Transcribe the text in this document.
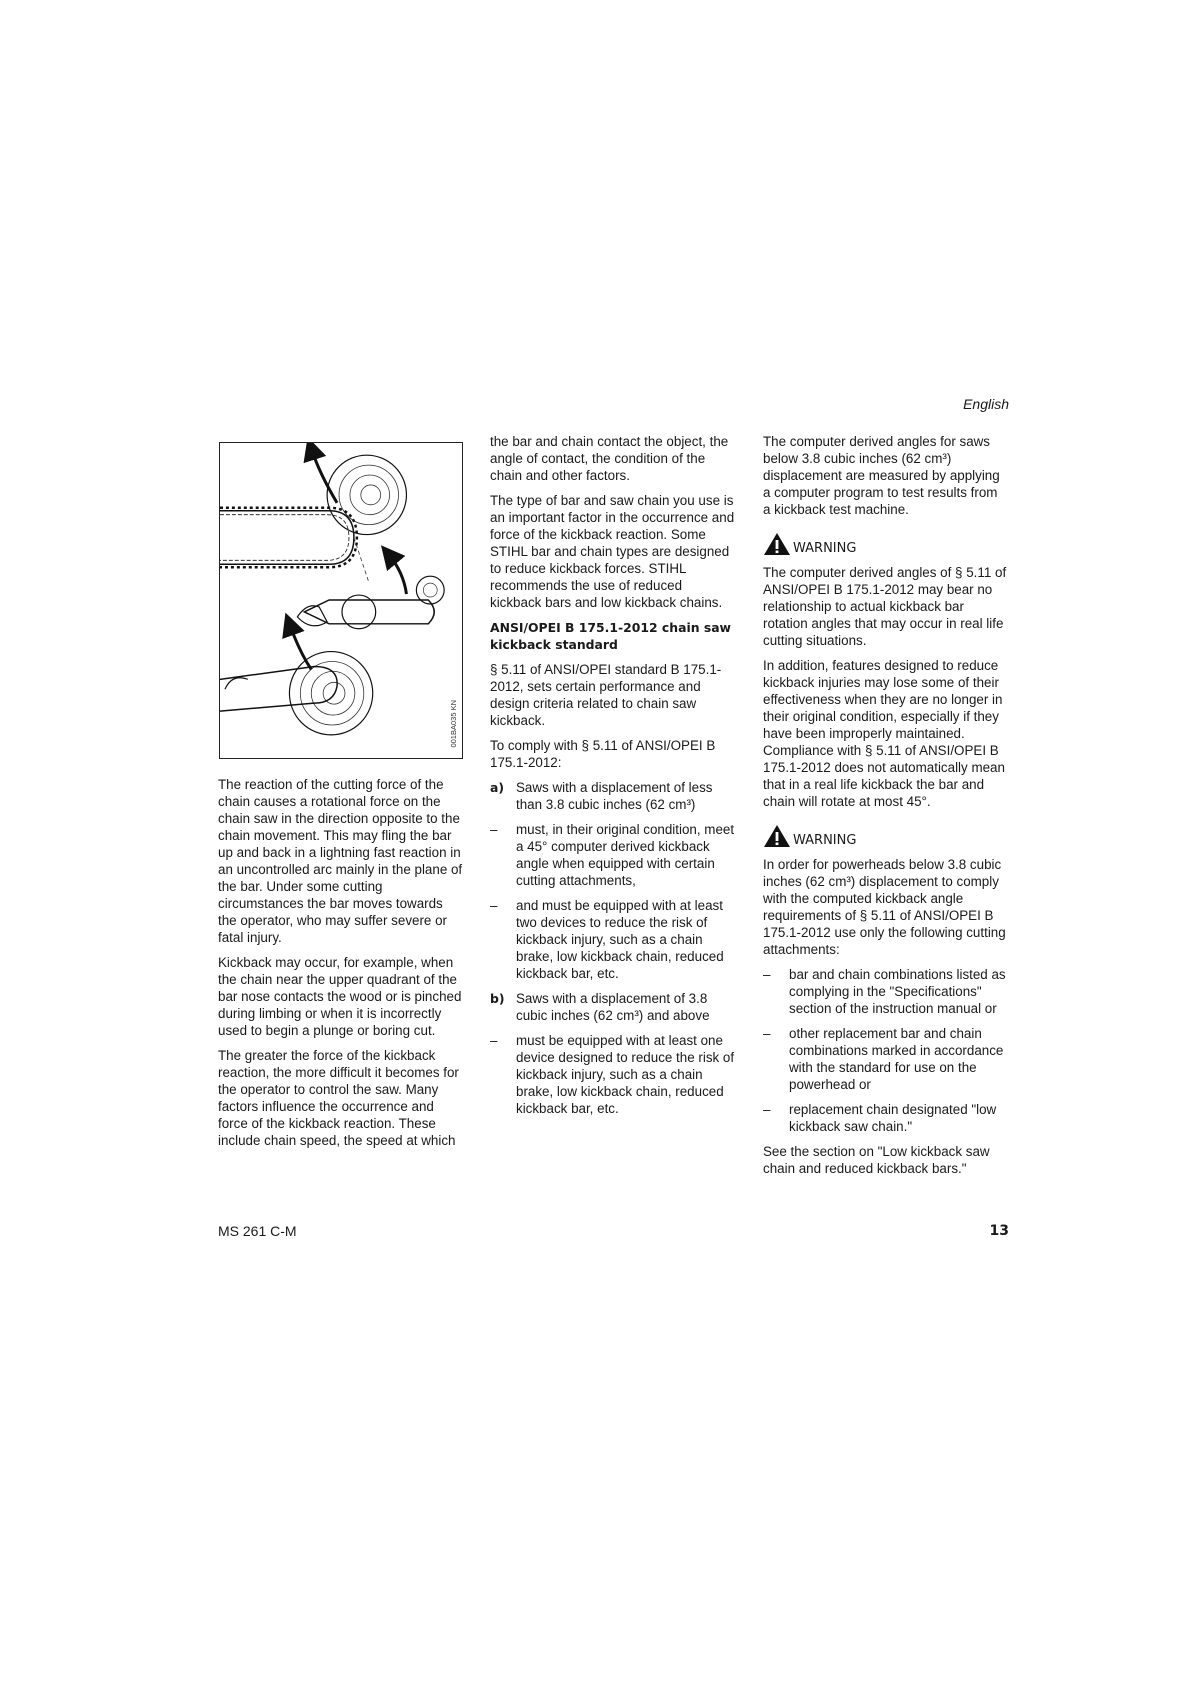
English
001BA035 KN

The reaction of the cutting force of the chain causes a rotational force on the chain saw in the direction opposite to the chain movement. This may fling the bar up and back in a lightning fast reaction in an uncontrolled arc mainly in the plane of the bar. Under some cutting circumstances the bar moves towards the operator, who may suffer severe or fatal injury.

Kickback may occur, for example, when the chain near the upper quadrant of the bar nose contacts the wood or is pinched during limbing or when it is incorrectly used to begin a plunge or boring cut.

The greater the force of the kickback reaction, the more difficult it becomes for the operator to control the saw. Many factors influence the occurrence and force of the kickback reaction. These include chain speed, the speed at which

the bar and chain contact the object, the angle of contact, the condition of the chain and other factors.

The type of bar and saw chain you use is an important factor in the occurrence and force of the kickback reaction. Some STIHL bar and chain types are designed to reduce kickback forces. STIHL recommends the use of reduced kickback bars and low kickback chains.

ANSI/OPEI B 175.1-2012 chain saw kickback standard

§ 5.11 of ANSI/OPEI standard B 175.1-2012, sets certain performance and design criteria related to chain saw kickback.

To comply with § 5.11 of ANSI/OPEI B 175.1-2012:

a) Saws with a displacement of less than 3.8 cubic inches (62 cm³)
–	must, in their original condition, meet a 45° computer derived kickback angle when equipped with certain cutting attachments,
–	and must be equipped with at least two devices to reduce the risk of kickback injury, such as a chain brake, low kickback chain, reduced kickback bar, etc.
b) Saws with a displacement of 3.8 cubic inches (62 cm³) and above
–	must be equipped with at least one device designed to reduce the risk of kickback injury, such as a chain brake, low kickback chain, reduced kickback bar, etc.

The computer derived angles for saws below 3.8 cubic inches (62 cm³) displacement are measured by applying a computer program to test results from a kickback test machine.

WARNING

The computer derived angles of § 5.11 of ANSI/OPEI B 175.1-2012 may bear no relationship to actual kickback bar rotation angles that may occur in real life cutting situations.

In addition, features designed to reduce kickback injuries may lose some of their effectiveness when they are no longer in their original condition, especially if they have been improperly maintained. Compliance with § 5.11 of ANSI/OPEI B 175.1-2012 does not automatically mean that in a real life kickback the bar and chain will rotate at most 45°.

WARNING

In order for powerheads below 3.8 cubic inches (62 cm³) displacement to comply with the computed kickback angle requirements of § 5.11 of ANSI/OPEI B 175.1-2012 use only the following cutting attachments:

–	bar and chain combinations listed as complying in the "Specifications" section of the instruction manual or
–	other replacement bar and chain combinations marked in accordance with the standard for use on the powerhead or
–	replacement chain designated "low kickback saw chain."

See the section on "Low kickback saw chain and reduced kickback bars."

MS 261 C-M	13
